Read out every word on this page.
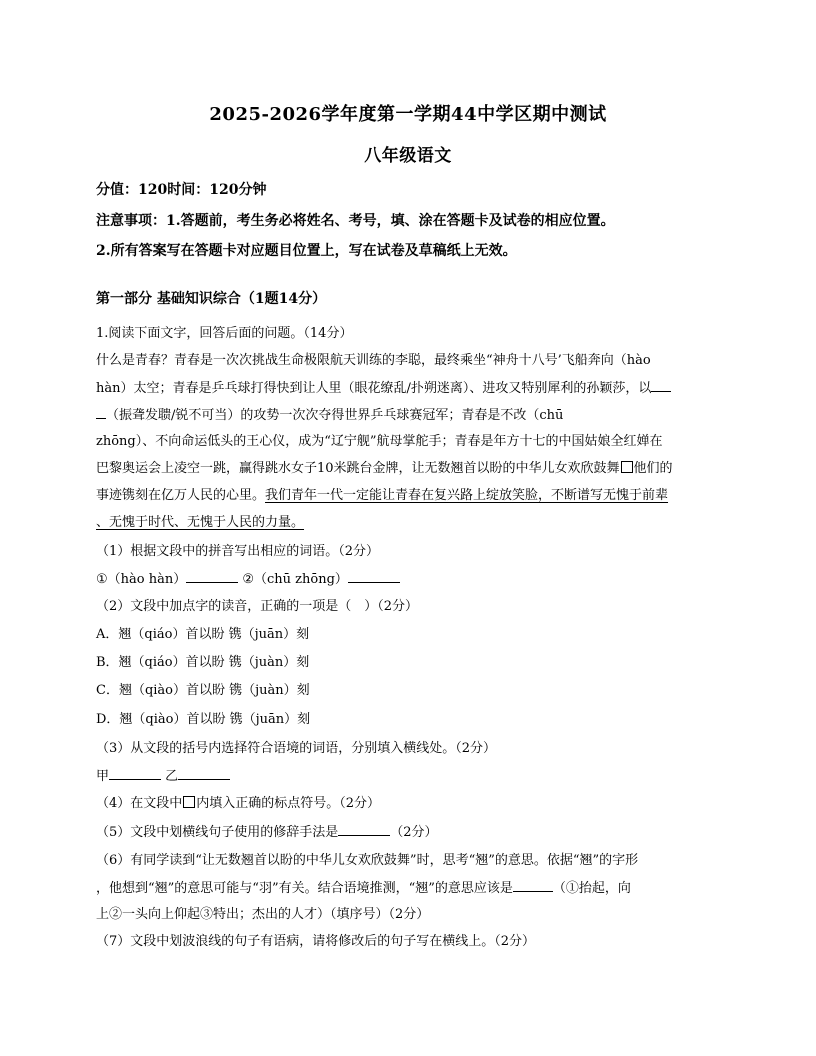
2025-2026学年度第一学期44中学区期中测试
八年级语文
分值：120时间：120分钟
注意事项：1.答题前，考生务必将姓名、考号，填、涂在答题卡及试卷的相应位置。
2.所有答案写在答题卡对应题目位置上，写在试卷及草稿纸上无效。
第一部分 基础知识综合（1题14分）
1.阅读下面文字，回答后面的问题。（14分）
什么是青春？青春是一次次挑战生命极限航天训练的李聪，最终乘坐“神舟十八号’飞船奔向（hào
hàn）太空；青春是乒乓球打得快到让人里（眼花缭乱/扑朔迷离）、进攻又特别犀利的孙颖莎，以
（振聋发聩/锐不可当）的攻势一次次夺得世界乒乓球赛冠军；青春是不改（chū
zhōng）、不向命运低头的王心仪，成为“辽宁舰”航母掌舵手；青春是年方十七的中国姑娘全红婵在
巴黎奥运会上凌空一跳，赢得跳水女子10米跳台金牌，让无数翘首以盼的中华儿女欢欣鼓舞 他们的
事迹镌刻在亿万人民的心里。我们青年一代一定能让青春在复兴路上绽放笑脸，不断谱写无愧于前辈
、无愧于时代、无愧于人民的力量。
（1）根据文段中的拼音写出相应的词语。（2分）
①（hào hàn）	②（chū zhōng）
（2）文段中加点字的读音，正确的一项是（　）（2分）
A．翘（qiáo）首以盼 镌（juān）刻
B．翘（qiáo）首以盼 镌（juàn）刻
C．翘（qiào）首以盼 镌（juàn）刻
D．翘（qiào）首以盼 镌（juān）刻
（3）从文段的括号内选择符合语境的词语，分别填入横线处。（2分）
甲	乙
（4）在文段中 内填入正确的标点符号。（2分）
（5）文段中划横线句子使用的修辞手法是	（2分）
（6）有同学读到“让无数翘首以盼的中华儿女欢欣鼓舞”时，思考“翘”的意思。依据“翘”的字形
，他想到“翘”的意思可能与“羽”有关。结合语境推测，“翘”的意思应该是	（①抬起，向
上②一头向上仰起③特出；杰出的人才）（填序号）（2分）
（7）文段中划波浪线的句子有语病，请将修改后的句子写在横线上。（2分）
